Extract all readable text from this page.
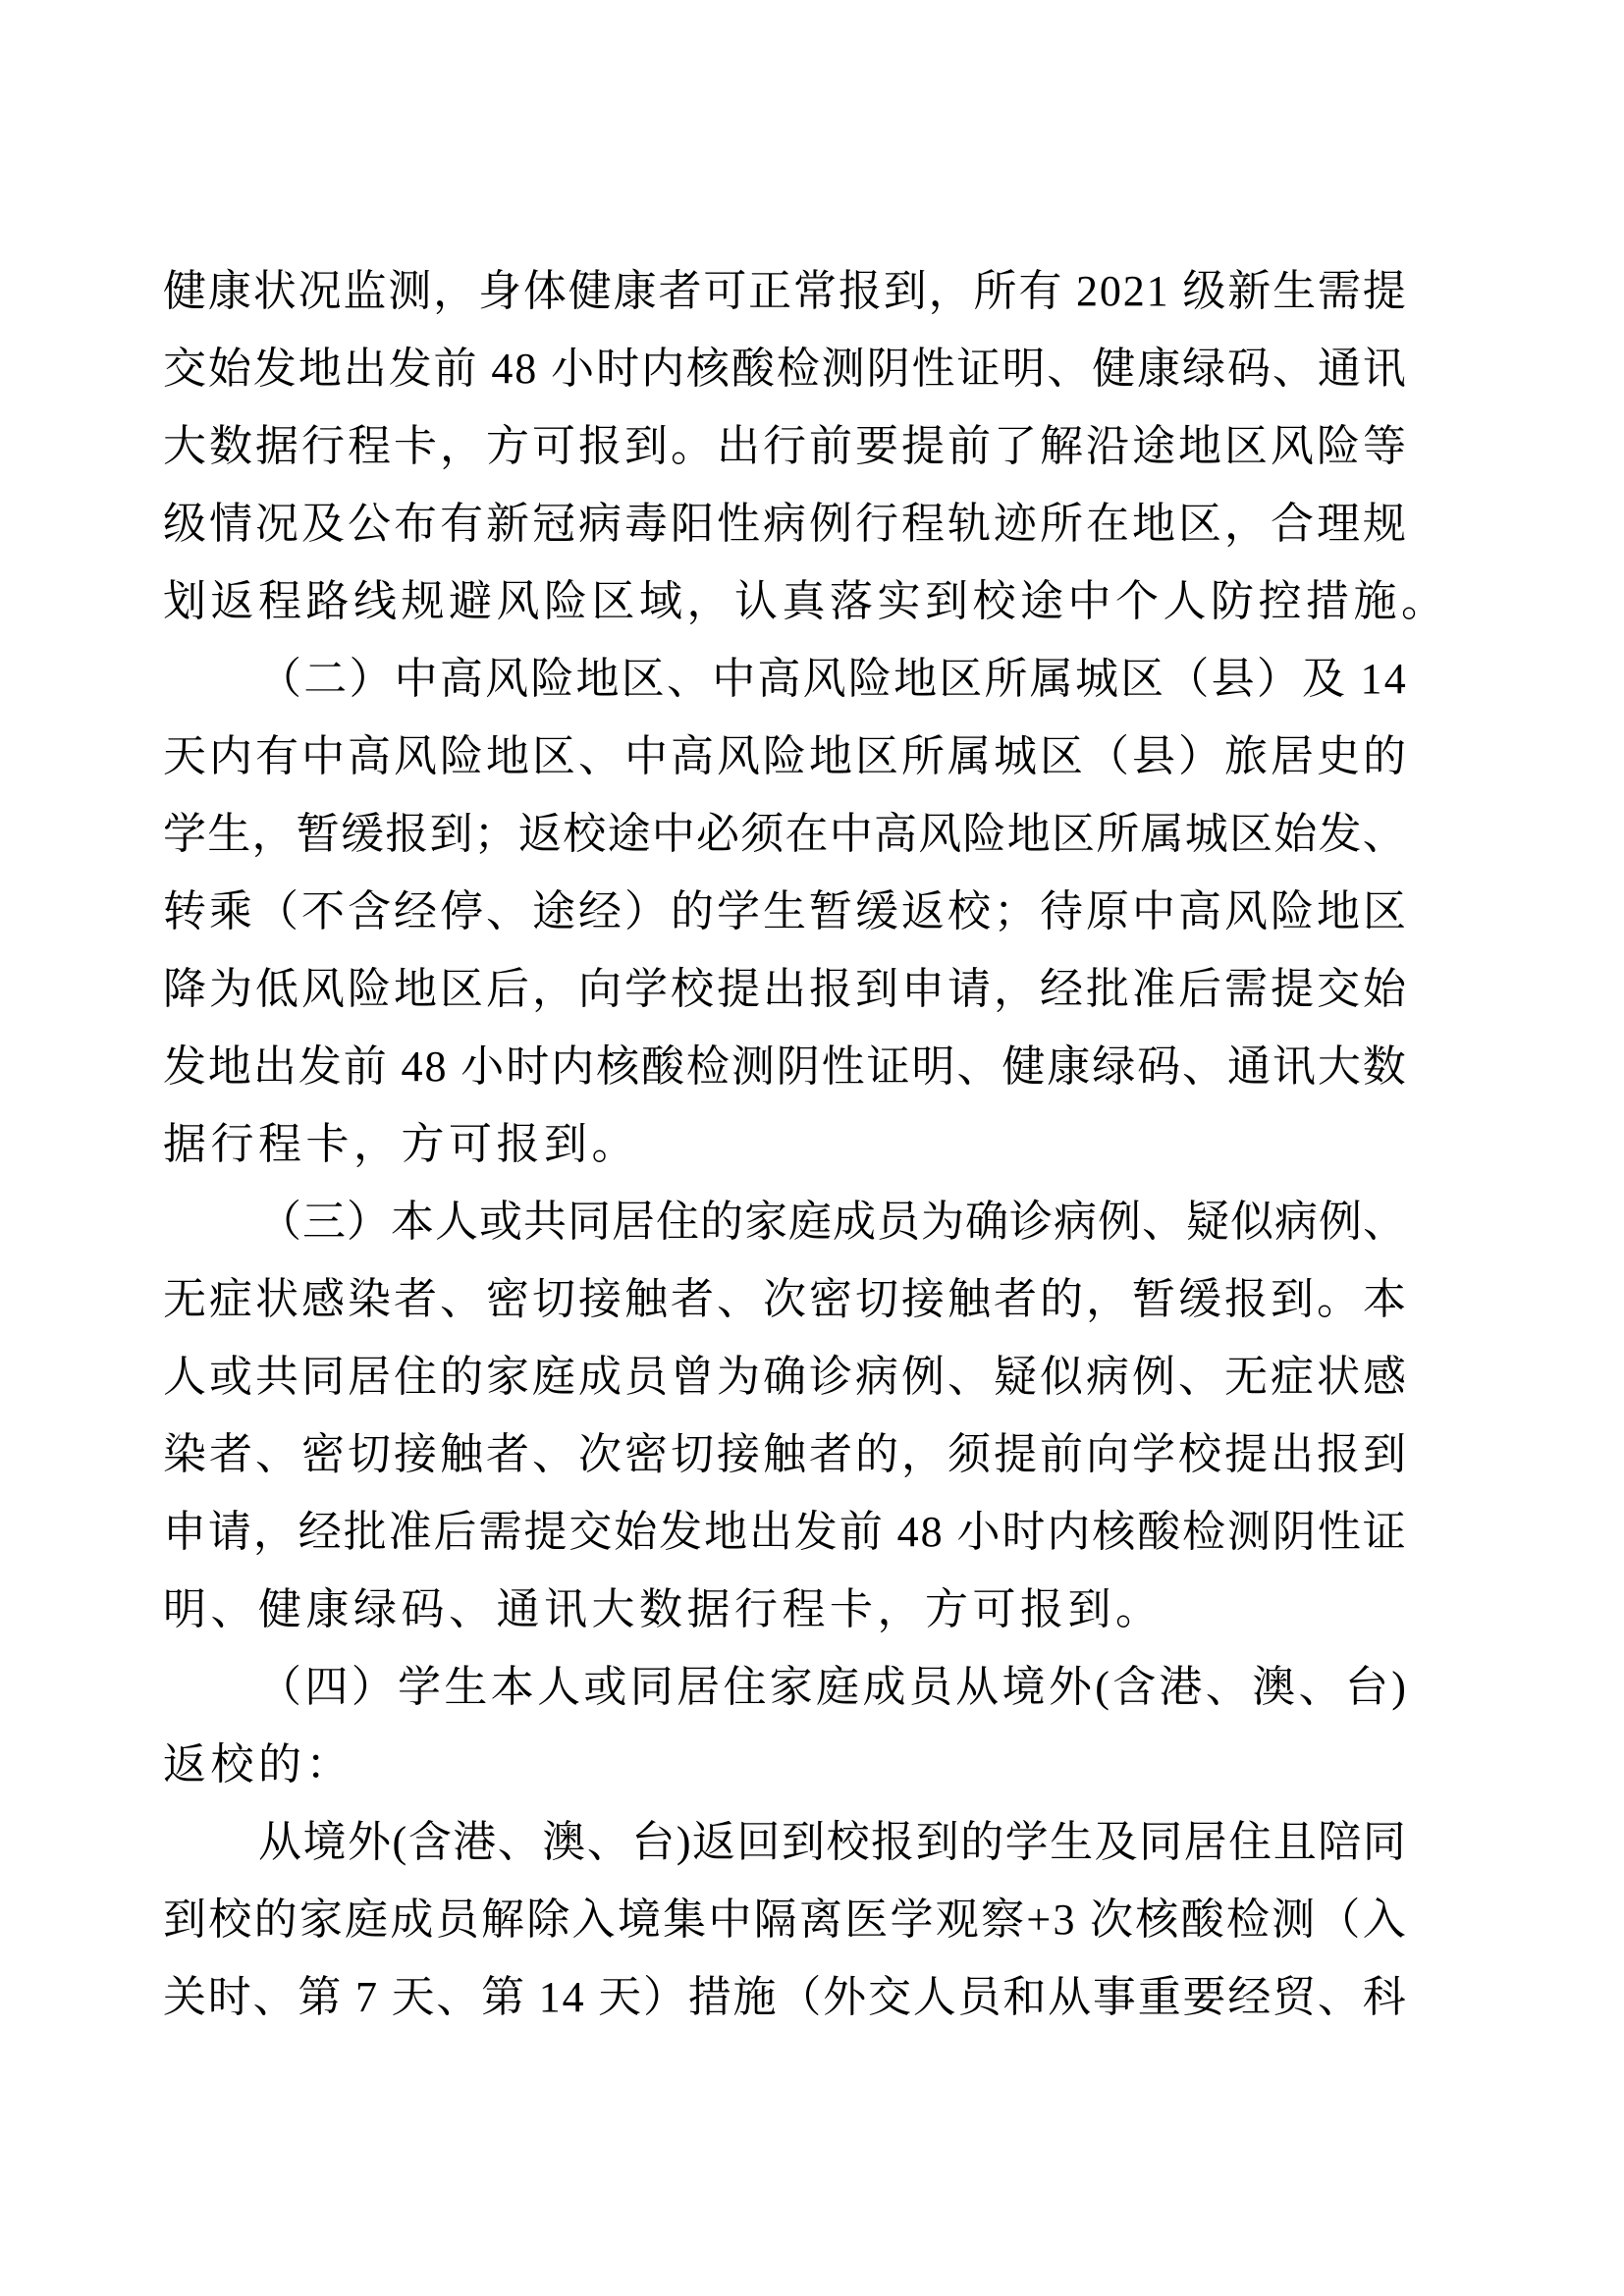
健 康 状 况 监 测 ， 身 体 健 康 者 可 正 常 报 到 ， 所 有
2 0 2 1
级 新 生 需 提
交 始 发 地 出 发 前
4 8
小 时 内 核 酸 检 测 阴 性 证 明 、 健 康 绿 码 、 通 讯
大 数 据 行 程 卡 ， 方 可 报 到 。 出 行 前 要 提 前 了 解 沿 途 地 区 风 险 等
级 情 况 及 公 布 有 新 冠 病 毒 阳 性 病 例 行 程 轨 迹 所 在 地 区 ， 合 理 规
划返程路线规避风险区域，认真落实到校途中个人防控措施。
（ 二 ） 中 高 风 险 地 区 、 中 高 风 险 地 区 所 属 城 区 （ 县 ） 及
1 4
天 内 有 中 高 风 险 地 区 、 中 高 风 险 地 区 所 属 城 区 （ 县 ） 旅 居 史 的
学 生 ， 暂 缓 报 到 ； 返 校 途 中 必 须 在 中 高 风 险 地 区 所 属 城 区 始 发 、
转 乘 （ 不 含 经 停 、 途 经 ） 的 学 生 暂 缓 返 校 ； 待 原 中 高 风 险 地 区
降 为 低 风 险 地 区 后 ， 向 学 校 提 出 报 到 申 请 ， 经 批 准 后 需 提 交 始
发 地 出 发 前
4 8
小 时 内 核 酸 检 测 阴 性 证 明 、 健 康 绿 码 、 通 讯 大 数
据行程卡，方可报到。
（ 三 ） 本 人 或 共 同 居 住 的 家 庭 成 员 为 确 诊 病 例 、 疑 似 病 例 、
无 症 状 感 染 者 、 密 切 接 触 者 、 次 密 切 接 触 者 的 ， 暂 缓 报 到 。 本
人 或 共 同 居 住 的 家 庭 成 员 曾 为 确 诊 病 例 、 疑 似 病 例 、 无 症 状 感
染 者 、 密 切 接 触 者 、 次 密 切 接 触 者 的 ， 须 提 前 向 学 校 提 出 报 到
申 请 ， 经 批 准 后 需 提 交 始 发 地 出 发 前
4 8
小 时 内 核 酸 检 测 阴 性 证
明、健康绿码、通讯大数据行程卡，方可报到。
（ 四 ） 学 生 本 人 或 同 居 住 家 庭 成 员 从 境 外 ( 含 港 、 澳 、 台 )
返校的：
从 境 外 ( 含 港 、 澳 、 台 ) 返 回 到 校 报 到 的 学 生 及 同 居 住 且 陪 同
到 校 的 家 庭 成 员 解 除 入 境 集 中 隔 离 医 学 观 察 + 3
次 核 酸 检 测 （ 入
关 时 、 第
7
天 、 第
1 4
天 ） 措 施 （ 外 交 人 员 和 从 事 重 要 经 贸 、 科
